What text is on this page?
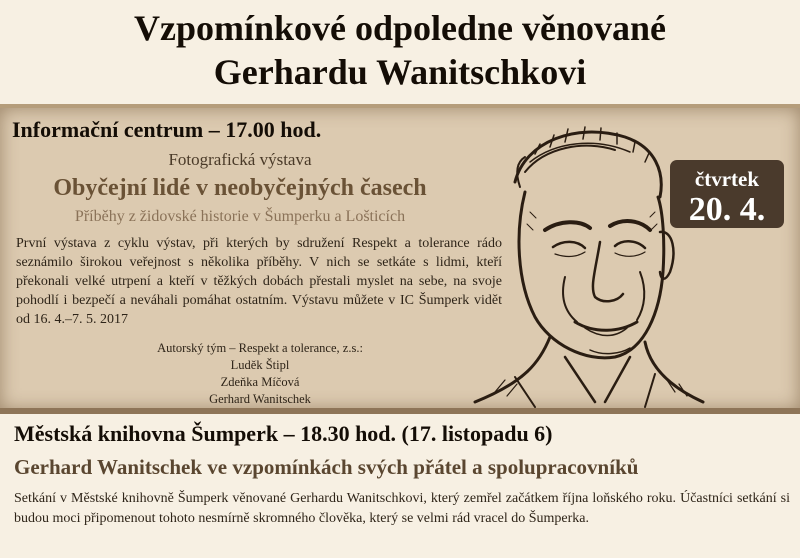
Vzpomínkové odpoledne věnované
Gerhardu Wanitschkovi
Informační centrum – 17.00 hod.
Fotografická výstava
Obyčejní lidé v neobyčejných časech
Příběhy z židovské historie v Šumperku a Lošticích
První výstava z cyklu výstav, při kterých by sdružení Respekt a tolerance rádo seznámilo širokou veřejnost s několika příběhy. V nich se setkáte s lidmi, kteří překonali velké utrpení a kteří v těžkých dobách přestali myslet na sebe, na svoje pohodlí i bezpečí a neváhali pomáhat ostatním. Výstavu můžete v IC Šumperk vidět od 16. 4.–7. 5. 2017
Autorský tým – Respekt a tolerance, z.s.:
Luděk Štipl
Zdeňka Míčová
Gerhard Wanitschek
čtvrtek
20. 4.
Městská knihovna Šumperk – 18.30 hod. (17. listopadu 6)
Gerhard Wanitschek ve vzpomínkách svých přátel a spolupracovníků
Setkání v Městské knihovně Šumperk věnované Gerhardu Wanitschkovi, který zemřel začátkem října loňského roku. Účastníci setkání si budou moci připomenout tohoto nesmírně skromného člověka, který se velmi rád vracel do Šumperka.
